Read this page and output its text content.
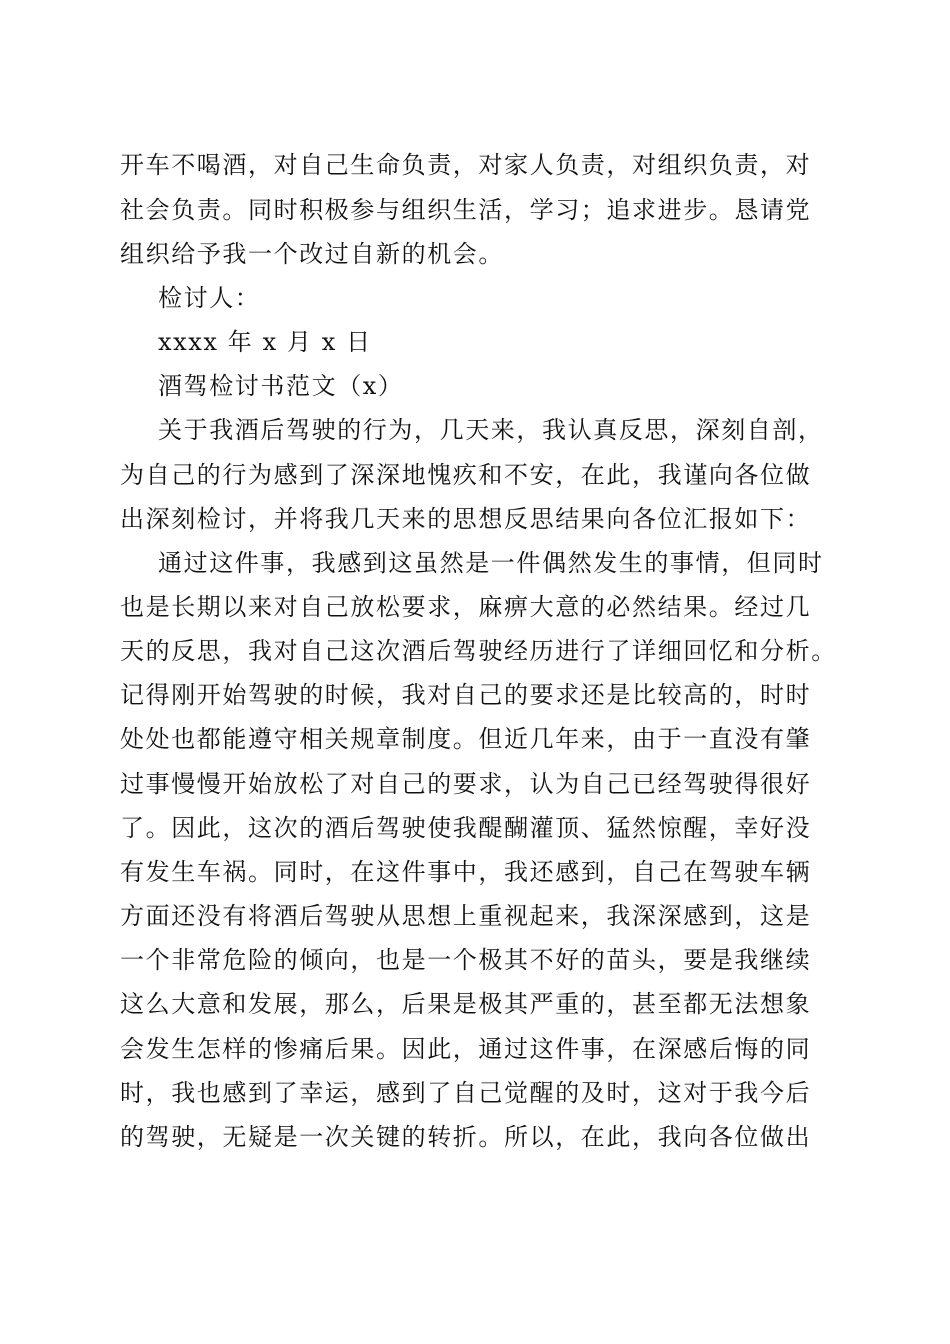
开车不喝酒，对自己生命负责，对家人负责，对组织负责，对
社会负责。同时积极参与组织生活，学习；追求进步。恳请党
组织给予我一个改过自新的机会。
检讨人：
xxxx 年 x 月 x 日
酒驾检讨书范文（x）
关于我酒后驾驶的行为，几天来，我认真反思，深刻自剖，
为自己的行为感到了深深地愧疚和不安，在此，我谨向各位做
出深刻检讨，并将我几天来的思想反思结果向各位汇报如下：
通过这件事，我感到这虽然是一件偶然发生的事情，但同时
也是长期以来对自己放松要求，麻痹大意的必然结果。经过几
天的反思，我对自己这次酒后驾驶经历进行了详细回忆和分析。
记得刚开始驾驶的时候，我对自己的要求还是比较高的，时时
处处也都能遵守相关规章制度。但近几年来，由于一直没有肇
过事慢慢开始放松了对自己的要求，认为自己已经驾驶得很好
了。因此，这次的酒后驾驶使我醍醐灌顶、猛然惊醒，幸好没
有发生车祸。同时，在这件事中，我还感到，自己在驾驶车辆
方面还没有将酒后驾驶从思想上重视起来，我深深感到，这是
一个非常危险的倾向，也是一个极其不好的苗头，要是我继续
这么大意和发展，那么，后果是极其严重的，甚至都无法想象
会发生怎样的惨痛后果。因此，通过这件事，在深感后悔的同
时，我也感到了幸运，感到了自己觉醒的及时，这对于我今后
的驾驶，无疑是一次关键的转折。所以，在此，我向各位做出
